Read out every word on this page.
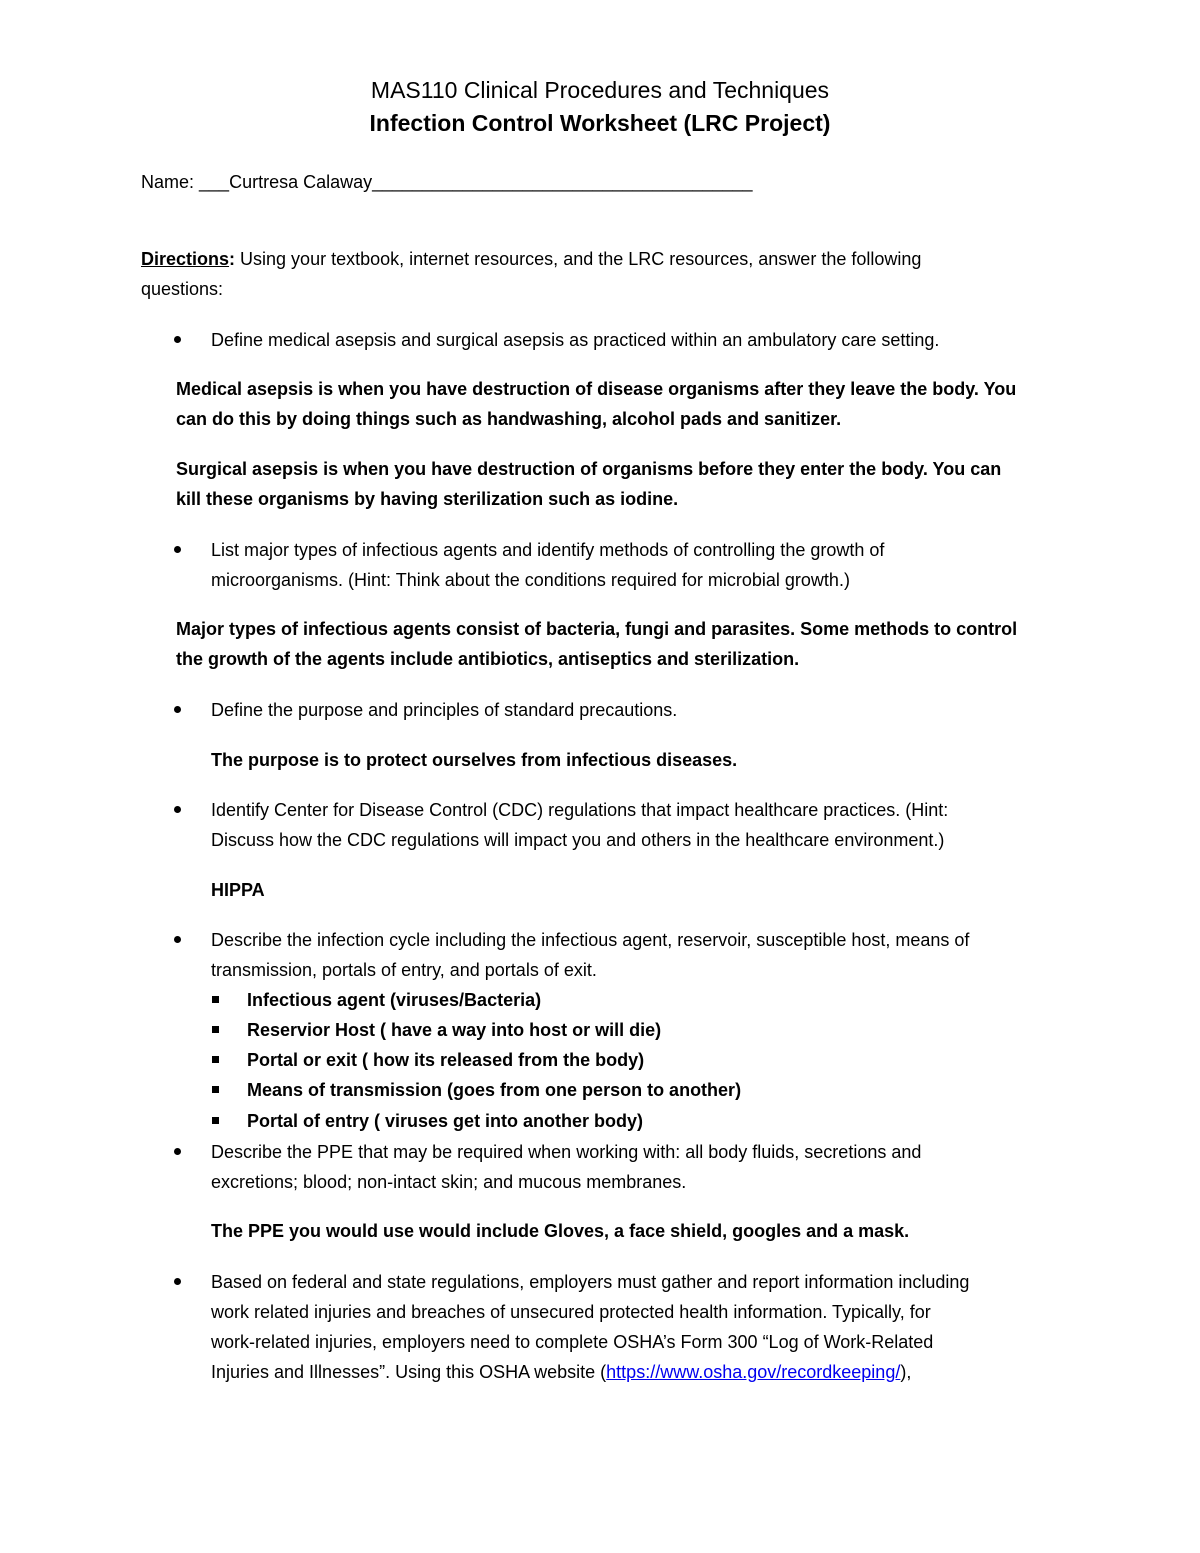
MAS110 Clinical Procedures and Techniques
Infection Control Worksheet (LRC Project)
Name: ___Curtresa Calaway______________________________________
Directions: Using your textbook, internet resources, and the LRC resources, answer the following
questions:
Define medical asepsis and surgical asepsis as practiced within an ambulatory care setting.
Medical asepsis is when you have destruction of disease organisms after they leave the body. You
can do this by doing things such as handwashing, alcohol pads and sanitizer.
Surgical asepsis is when you have destruction of organisms before they enter the body. You can
kill these organisms by having sterilization such as iodine.
List major types of infectious agents and identify methods of controlling the growth of
microorganisms. (Hint: Think about the conditions required for microbial growth.)
Major types of infectious agents consist of bacteria, fungi and parasites. Some methods to control
the growth of the agents include antibiotics, antiseptics and sterilization.
Define the purpose and principles of standard precautions.
The purpose is to protect ourselves from infectious diseases.
Identify Center for Disease Control (CDC) regulations that impact healthcare practices. (Hint:
Discuss how the CDC regulations will impact you and others in the healthcare environment.)
HIPPA
Describe the infection cycle including the infectious agent, reservoir, susceptible host, means of
transmission, portals of entry, and portals of exit.
Infectious agent (viruses/Bacteria)
Reservior Host ( have a way into host or will die)
Portal or exit ( how its released from the body)
Means of transmission (goes from one person to another)
Portal of entry ( viruses get into another body)
Describe the PPE that may be required when working with: all body fluids, secretions and
excretions; blood; non-intact skin; and mucous membranes.
The PPE you would use would include Gloves, a face shield, googles and a mask.
Based on federal and state regulations, employers must gather and report information including
work related injuries and breaches of unsecured protected health information. Typically, for
work-related injuries, employers need to complete OSHA’s Form 300 “Log of Work-Related
Injuries and Illnesses”. Using this OSHA website (https://www.osha.gov/recordkeeping/),
